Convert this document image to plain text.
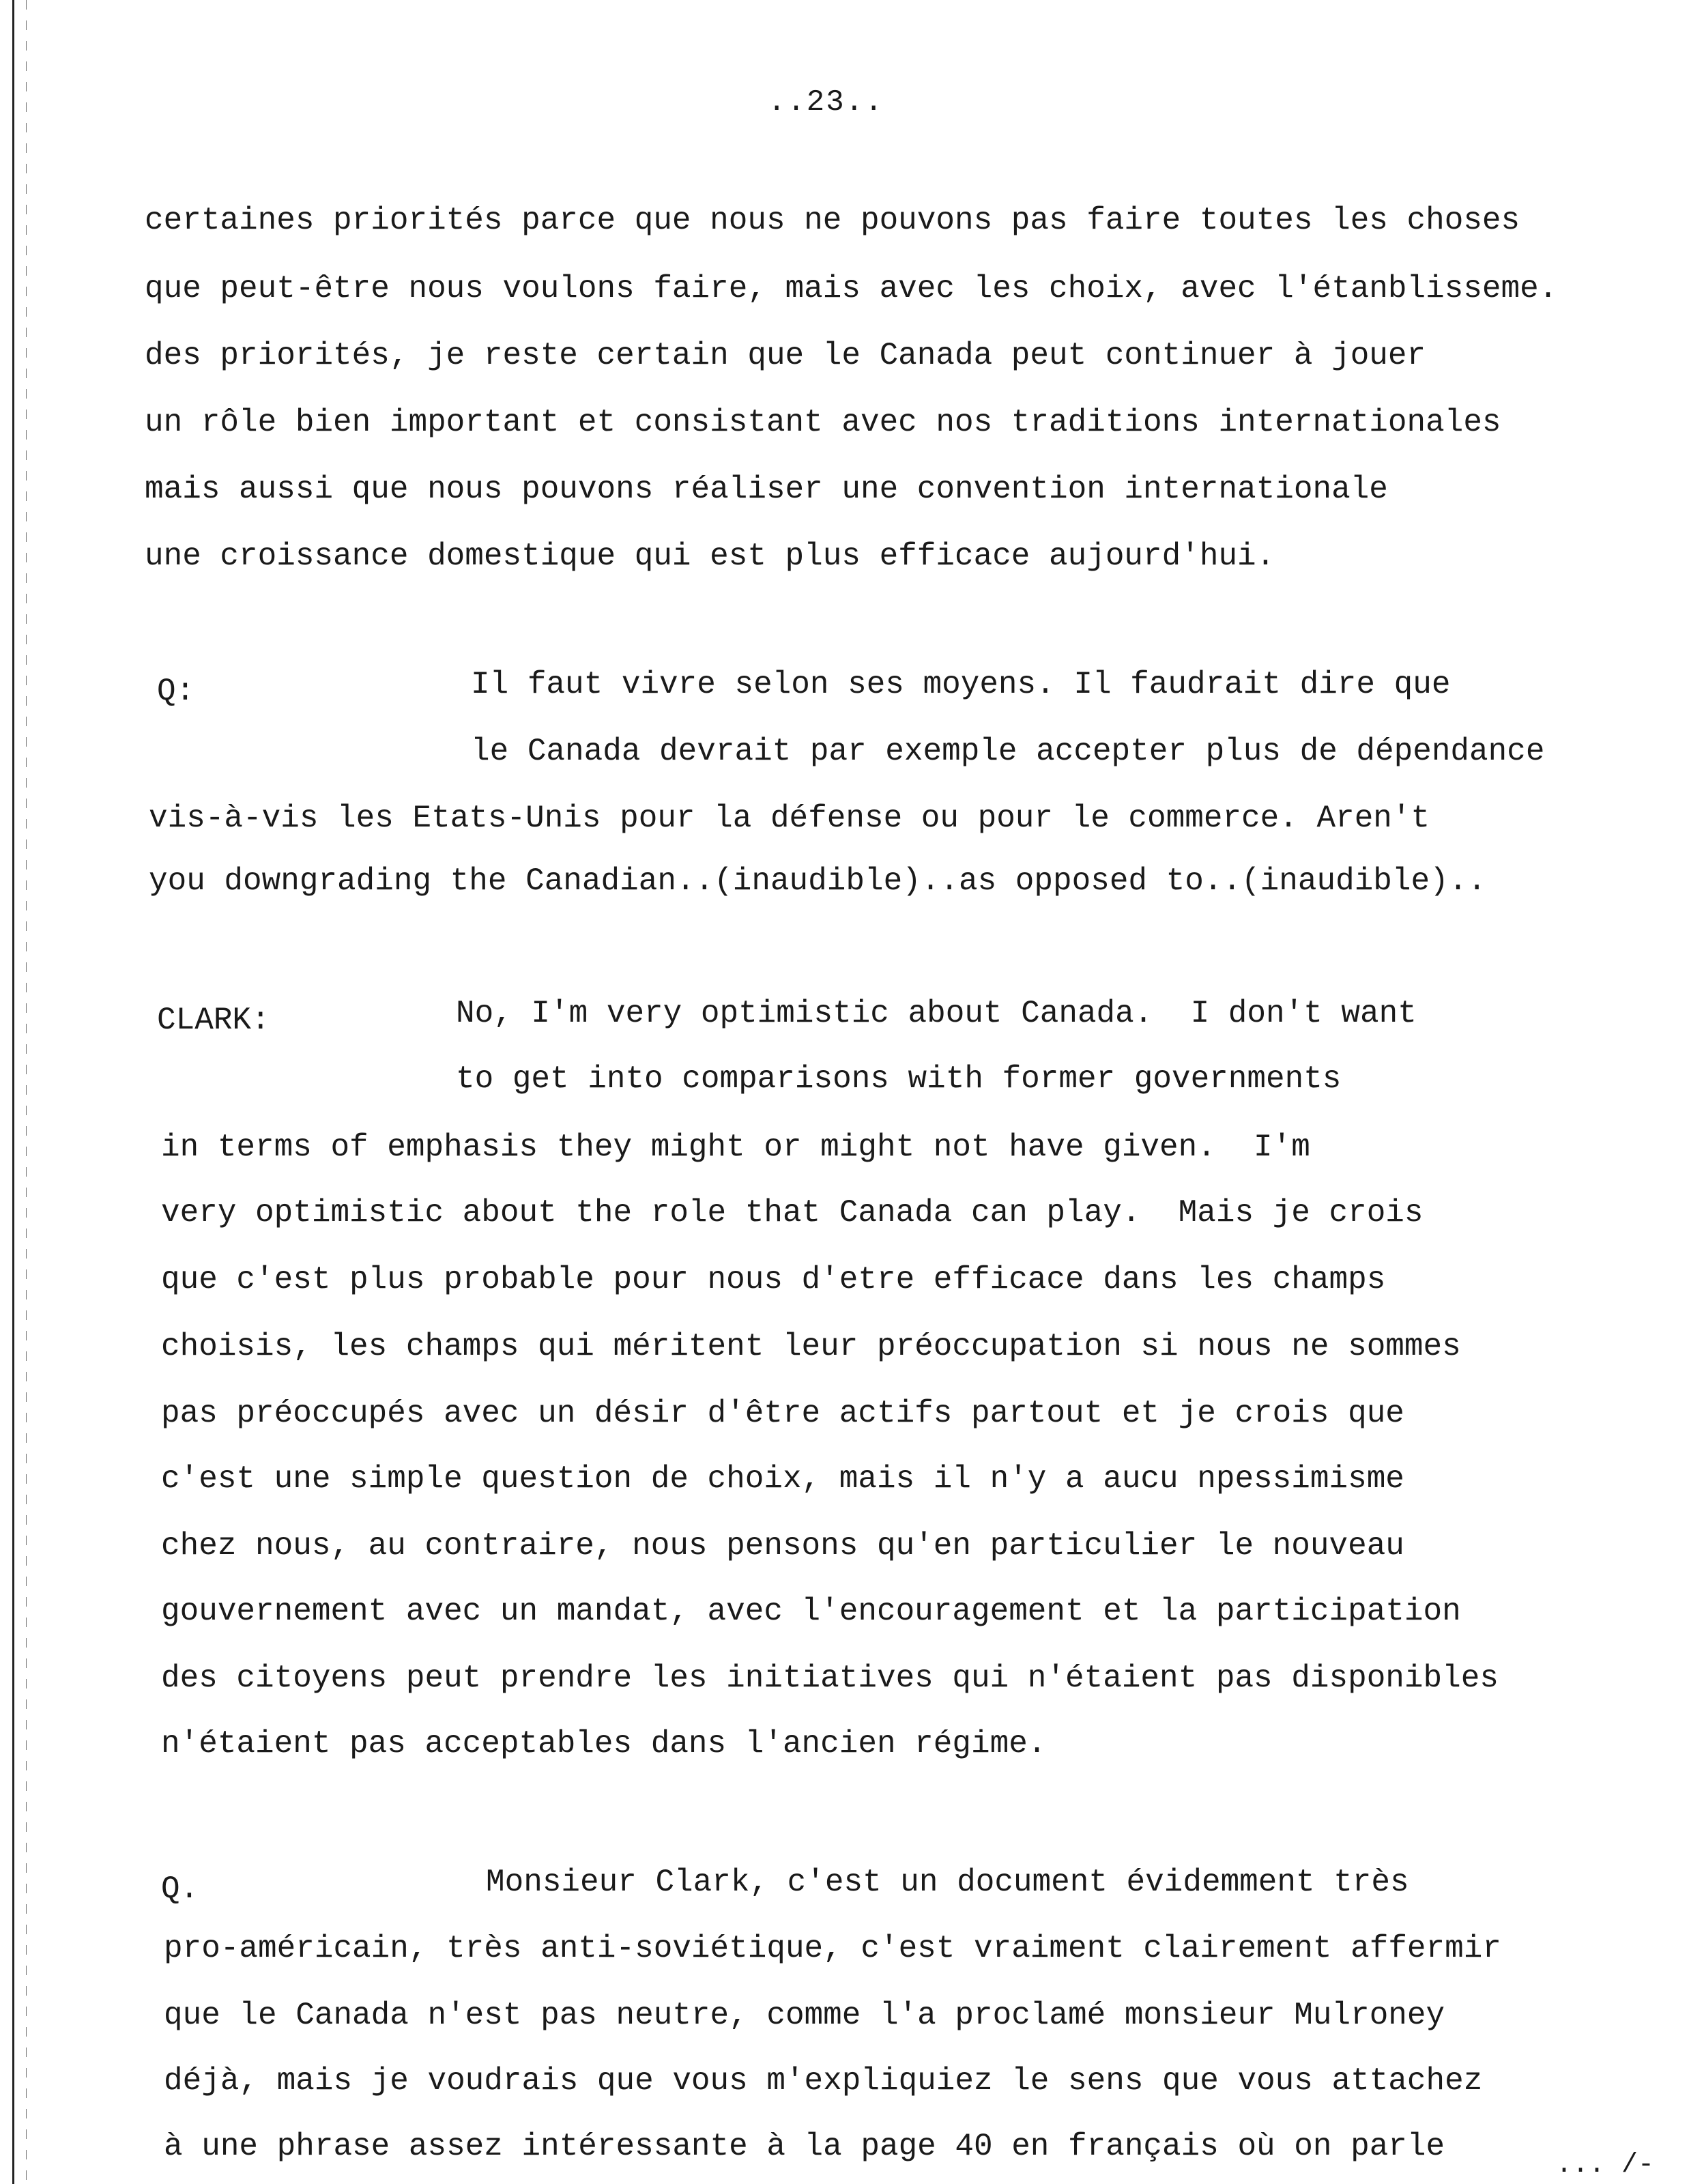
..23..
certaines priorités parce que nous ne pouvons pas faire toutes les choses
que peut-être nous voulons faire, mais avec les choix, avec l'étanblisseme.
des priorités, je reste certain que le Canada peut continuer à jouer
un rôle bien important et consistant avec nos traditions internationales
mais aussi que nous pouvons réaliser une convention internationale
une croissance domestique qui est plus efficace aujourd'hui.
Q:	Il faut vivre selon ses moyens. Il faudrait dire que
le Canada devrait par exemple accepter plus de dépendance
vis-à-vis les Etats-Unis pour la défense ou pour le commerce. Aren't
you downgrading the Canadian..(inaudible)..as opposed to..(inaudible)..
CLARK:	No, I'm very optimistic about Canada.  I don't want
to get into comparisons with former governments
in terms of emphasis they might or might not have given.  I'm
very optimistic about the role that Canada can play.  Mais je crois
que c'est plus probable pour nous d'etre efficace dans les champs
choisis, les champs qui méritent leur préoccupation si nous ne sommes
pas préoccupés avec un désir d'être actifs partout et je crois que
c'est une simple question de choix, mais il n'y a aucu npessimisme
chez nous, au contraire, nous pensons qu'en particulier le nouveau
gouvernement avec un mandat, avec l'encouragement et la participation
des citoyens peut prendre les initiatives qui n'étaient pas disponibles
n'étaient pas acceptables dans l'ancien régime.
Q.	Monsieur Clark, c'est un document évidemment très
pro-américain, très anti-soviétique, c'est vraiment clairement affermir
que le Canada n'est pas neutre, comme l'a proclamé monsieur Mulroney
déjà, mais je voudrais que vous m'expliquiez le sens que vous attachez
à une phrase assez intéressante à la page 40 en français où on parle
... /-
